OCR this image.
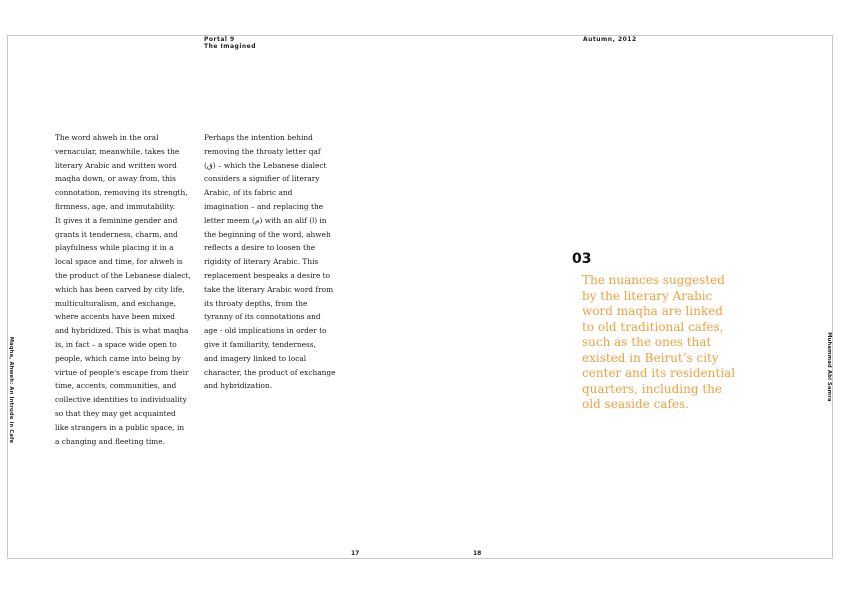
Portal 9
The Imagined
Autumn, 2012
Maqha, Ahweh: An Intrude in Cafe	Muhammad Abi Samra
The word ahweh in the oral
vernacular, meanwhile, takes the
literary Arabic and written word
maqha down, or away from, this
connotation, removing its strength,
firmness, age, and immutability.
It gives it a feminine gender and
grants it tenderness, charm, and
playfulness while placing it in a
local space and time, for ahweh is
the product of the Lebanese dialect,
which has been carved by city life,
multiculturalism, and exchange,
where accents have been mixed
and hybridized. This is what maqha
is, in fact – a space wide open to
people, which came into being by
virtue of people's escape from their
time, accents, communities, and
collective identities to individuality
so that they may get acquainted
like strangers in a public space, in
a changing and fleeting time.
Perhaps the intention behind
removing the throaty letter qaf
(ق) – which the Lebanese dialect
considers a signifier of literary
Arabic, of its fabric and
imagination – and replacing the
letter meem (م) with an alif (ا) in
the beginning of the word, ahweh
reflects a desire to loosen the
rigidity of literary Arabic. This
replacement bespeaks a desire to
take the literary Arabic word from
its throaty depths, from the
tyranny of its connotations and
age - old implications in order to
give it familiarity, tenderness,
and imagery linked to local
character, the product of exchange
and hybridization.
03
The nuances suggested
by the literary Arabic
word maqha are linked
to old traditional cafes,
such as the ones that
existed in Beirut’s city
center and its residential
quarters, including the
old seaside cafes.
17	18
